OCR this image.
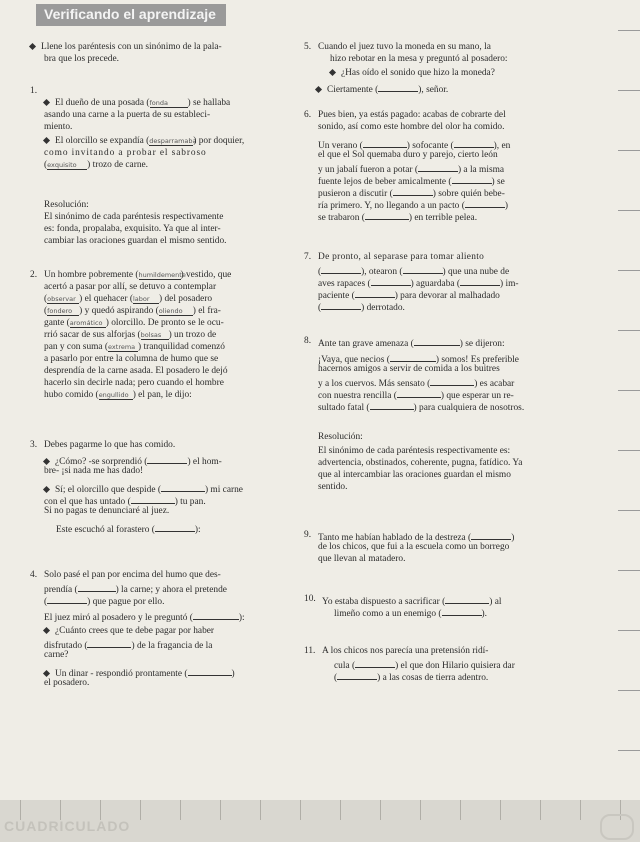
Verificando el aprendizaje
Llene los paréntesis con un sinónimo de la pala-
bra que los precede.
1.
El dueño de una posada (fonda ) se hallaba
asando una carne a la puerta de su estableci-
miento.
El olorcillo se expandía (desparramaba) por doquier,
como invitando a probar el sabroso
(exquisito ) trozo de carne.
Resolución:
El sinónimo de cada paréntesis respectivamente
es: fonda, propalaba, exquisito. Ya que al inter-
cambiar las oraciones guardan el mismo sentido.
2. Un hombre pobremente (humildemente) vestido, que
acertó a pasar por allí, se detuvo a contemplar
(observar ) el quehacer (labor ) del posadero
(fondero ) y quedó aspirando (oliendo ) el fra-
gante (aromático ) olorcillo. De pronto se le ocu-
rrió sacar de sus alforjas (bolsas ) un trozo de
pan y con suma (extrema ) tranquilidad comenzó
a pasarlo por entre la columna de humo que se
desprendía de la carne asada. El posadero le dejó
hacerlo sin decirle nada; pero cuando el hombre
hubo comido (engullido ) el pan, le dijo:
3. Debes pagarme lo que has comido.
¿Cómo? -se sorprendió (	) el hom-
bre- ¡si nada me has dado!
Sí; el olorcillo que despide (	) mi carne
con el que has untado (	) tu pan.
Si no pagas te denunciaré al juez.
Este escuchó al forastero (	):
4. Solo pasé el pan por encima del humo que des-
prendía (	) la carne; y ahora el pretende
(	) que pague por ello.
El juez miró al posadero y le preguntó (	):
¿Cuánto crees que te debe pagar por haber
disfrutado (	) de la fragancia de la
carne?
Un dinar - respondió prontamente (	)
el posadero.
5. Cuando el juez tuvo la moneda en su mano, la
hizo rebotar en la mesa y preguntó al posadero:
¿Has oído el sonido que hizo la moneda?
Ciertamente (	), señor.
6. Pues bien, ya estás pagado: acabas de cobrarte del
sonido, así como este hombre del olor ha comido.
Un verano (	) sofocante (	), en
el que el Sol quemaba duro y parejo, cierto león
y un jabalí fueron a potar (	) a la misma
fuente lejos de beber amicalmente (	) se
pusieron a discutir (	) sobre quién bebe-
ría primero. Y, no llegando a un pacto (	)
se trabaron (	) en terrible pelea.
7. De pronto, al separase para tomar aliento
(	), otearon (	) que una nube de
aves rapaces (	) aguardaba (	) im-
paciente (	) para devorar al malhadado
(	) derrotado.
8. Ante tan grave amenaza (	) se dijeron:
¡Vaya, que necios (	) somos! Es preferible
hacernos amigos a servir de comida a los buitres
y a los cuervos. Más sensato (	) es acabar
con nuestra rencilla (	) que esperar un re-
sultado fatal (	) para cualquiera de nosotros.
Resolución:
El sinónimo de cada paréntesis respectivamente es:
advertencia, obstinados, coherente, pugna, fatídico. Ya
que al intercambiar las oraciones guardan el mismo
sentido.
9. Tanto me habían hablado de la destreza (	)
de los chicos, que fui a la escuela como un borrego
que llevan al matadero.
10. Yo estaba dispuesto a sacrificar (	) al
limeño como a un enemigo (	).
11. A los chicos nos parecía una pretensión ridí-
cula (	) el que don Hilario quisiera dar
(	) a las cosas de tierra adentro.
CUADRICULADO
